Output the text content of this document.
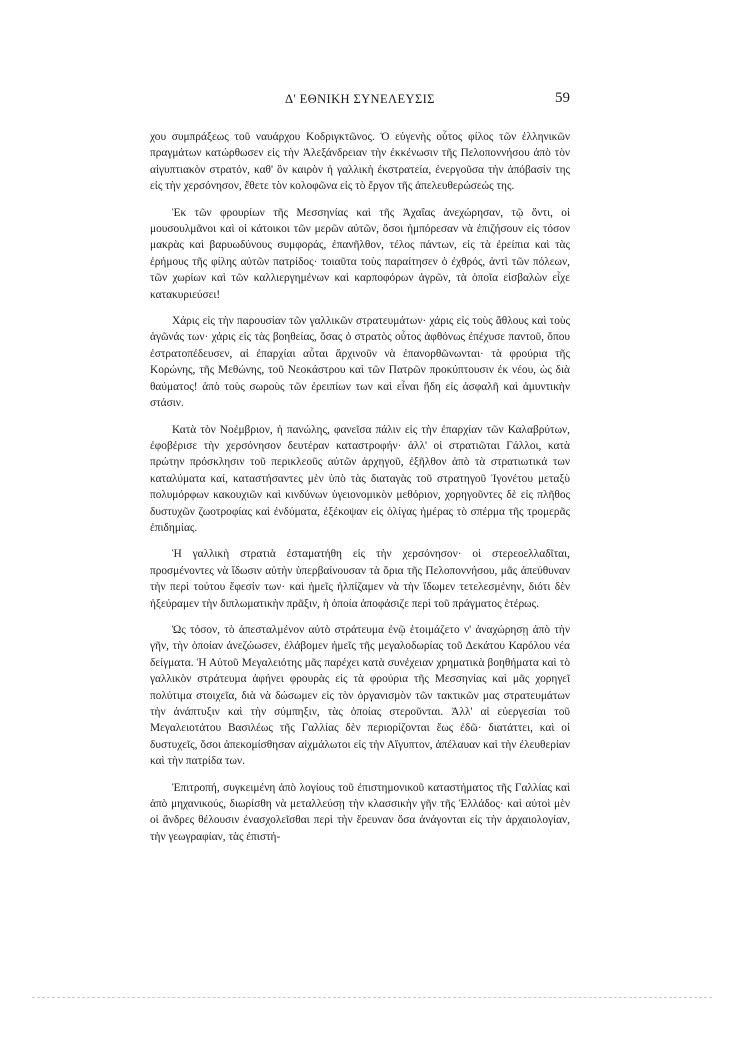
Δ' ΕΘΝΙΚΗ ΣΥΝΕΛΕΥΣΙΣ	59

χου συμπράξεως τοῦ ναυάρχου Κοδριγκτῶνος. Ὁ εὐγενὴς οὗτος φίλος τῶν ἑλληνικῶν πραγμάτων κατώρθωσεν εἰς τὴν Ἀλεξάνδρειαν τὴν ἐκκένωσιν τῆς Πελοποννήσου ἀπὸ τὸν αἰγυπτιακὸν στρατόν, καθ' ὃν καιρὸν ἡ γαλλικὴ ἐκστρατεία, ἐνεργοῦσα τὴν ἀπόβασίν της εἰς τὴν χερσόνησον, ἔθετε τὸν κολοφῶνα εἰς τὸ ἔργον τῆς ἀπελευθερώσεώς της.

Ἐκ τῶν φρουρίων τῆς Μεσσηνίας καὶ τῆς Ἀχαΐας ἀνεχώρησαν, τῷ ὄντι, οἱ μουσουλμᾶνοι καὶ οἱ κάτοικοι τῶν μερῶν αὐτῶν, ὅσοι ἠμπόρεσαν νὰ ἐπιζήσουν εἰς τόσον μακρὰς καὶ βαρυωδύνους συμφοράς, ἐπανῆλθον, τέλος πάντων, εἰς τὰ ἐρείπια καὶ τὰς ἐρήμους τῆς φίλης αὐτῶν πατρίδος· τοιαῦτα τοὺς παραίτησεν ὁ ἐχθρός, ἀντὶ τῶν πόλεων, τῶν χωρίων καὶ τῶν καλλιεργημένων καὶ καρποφόρων ἀγρῶν, τὰ ὁποῖα εἰσβαλὼν εἶχε κατακυριεύσει!

Χάρις εἰς τὴν παρουσίαν τῶν γαλλικῶν στρατευμάτων· χάρις εἰς τοὺς ἄθλους καὶ τοὺς ἀγῶνάς των· χάρις εἰς τὰς βοηθείας, ὅσας ὁ στρατὸς οὗτος ἀφθόνως ἐπέχυσε παντοῦ, ὅπου ἐστρατοπέδευσεν, αἱ ἐπαρχίαι αὗται ἄρχινοῦν νὰ ἐπανορθῶνωνται· τὰ φρούρια τῆς Κορώνης, τῆς Μεθώνης, τοῦ Νεοκάστρου καὶ τῶν Πατρῶν προκύπτουσιν ἐκ νέου, ὡς διὰ θαύματος! ἀπὸ τοὺς σωροὺς τῶν ἐρειπίων των καὶ εἶναι ἤδη εἰς ἀσφαλῆ καὶ ἀμυντικὴν στάσιν.

Κατὰ τὸν Νοέμβριον, ἡ πανώλης, φανεῖσα πάλιν εἰς τὴν ἐπαρχίαν τῶν Καλαβρύτων, ἐφοβέρισε τὴν χερσόνησον δευτέραν καταστροφήν· ἀλλ' οἱ στρατιῶται Γάλλοι, κατὰ πρώτην πρόσκλησιν τοῦ περικλεοῦς αὐτῶν ἀρχηγοῦ, ἐξῆλθον ἀπὸ τὰ στρατιωτικά των καταλύματα καί, καταστήσαντες μὲν ὑπὸ τὰς διαταγὰς τοῦ στρατηγοῦ Ἰγονέτου μεταξὺ πολυμόρφων κακουχιῶν καὶ κινδύνων ὑγειονομικὸν μεθόριον, χορηγοῦντες δὲ εἰς πλῆθος δυστυχῶν ζωοτροφίας καὶ ἐνδύματα, ἐξέκοψαν εἰς ὀλίγας ἡμέρας τὸ σπέρμα τῆς τρομερᾶς ἐπιδημίας.

Ἡ γαλλικὴ στρατιὰ ἐσταματήθη εἰς τὴν χερσόνησον· οἱ στερεοελλαδῖται, προσμένοντες νὰ ἴδωσιν αὐτὴν ὑπερβαίνουσαν τὰ ὅρια τῆς Πελοποννήσου, μᾶς ἀπεύθυναν τὴν περὶ τούτου ἔφεσίν των· καὶ ἡμεῖς ἠλπίζαμεν νὰ τὴν ἴδωμεν τετελεσμένην, διότι δὲν ἠξεύραμεν τὴν διπλωματικὴν πρᾶξιν, ἡ ὁποία ἀποφάσιζε περὶ τοῦ πράγματος ἑτέρως.

Ὡς τόσον, τὸ ἀπεσταλμένον αὐτὸ στράτευμα ἐνῷ ἑτοιμάζετο ν' ἀναχώρησῃ ἀπὸ τὴν γῆν, τὴν ὁποίαν ἀνεζώωσεν, ἐλάβομεν ἡμεῖς τῆς μεγαλοδωρίας τοῦ Δεκάτου Καρόλου νέα δείγματα. Ἡ Αὐτοῦ Μεγαλειότης μᾶς παρέχει κατὰ συνέχειαν χρηματικὰ βοηθήματα καὶ τὸ γαλλικὸν στράτευμα ἀφήνει φρουρὰς εἰς τὰ φρούρια τῆς Μεσσηνίας καὶ μᾶς χορηγεῖ πολύτιμα στοιχεῖα, διὰ νὰ δώσωμεν εἰς τὸν ὀργανισμὸν τῶν τακτικῶν μας στρατευμάτων τὴν ἀνάπτυξιν καὶ τὴν σύμπηξιν, τὰς ὁποίας στεροῦνται. Ἀλλ' αἱ εὐεργεσίαι τοῦ Μεγαλειοτάτου Βασιλέως τῆς Γαλλίας δὲν περιορίζονται ἕως ἐδῶ· διατάττει, καὶ οἱ δυστυχεῖς, ὅσοι ἀπεκομίσθησαν αἰχμάλωτοι εἰς τὴν Αἴγυπτον, ἀπέλαυαν καὶ τὴν ἐλευθερίαν καὶ τὴν πατρίδα των.

Ἐπιτροπή, συγκειμένη ἀπὸ λογίους τοῦ ἐπιστημονικοῦ καταστήματος τῆς Γαλλίας καὶ ἀπὸ μηχανικούς, διωρίσθη νὰ μεταλλεύσῃ τὴν κλασσικὴν γῆν τῆς Ἑλλάδος· καὶ αὐτοὶ μὲν οἱ ἄνδρες θέλουσιν ἐνασχολεῖσθαι περὶ τὴν ἔρευναν ὅσα ἀνάγονται εἰς τὴν ἀρχαιολογίαν, τὴν γεωγραφίαν, τὰς ἐπιστή-
